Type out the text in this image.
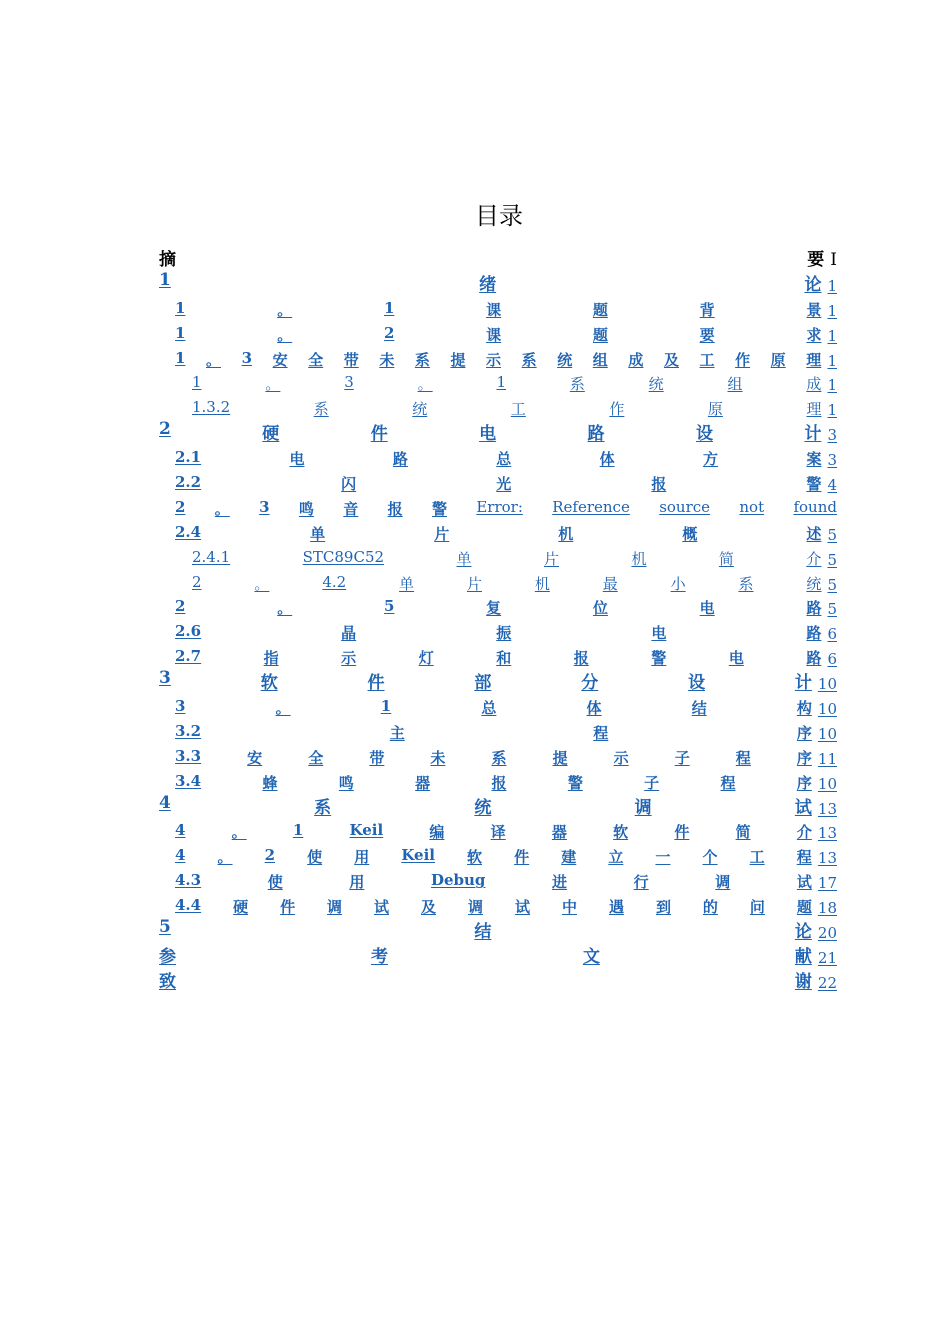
目录
摘	要 I
1	绪	论 1
1	。	1	课	题	背	景 1
1	。	2	课	题	要	求 1
1 。 3 安 全 带 未 系 提 示 系 统 组 成 及 工 作 原 理 1
1	。	3	。	1	系	统	组	成 1
1.3.2	系	统	工	作	原	理 1
2	硬	件	电	路	设	计 3
2.1	电	路	总	体	方	案 3
2.2	闪	光	报	警 4
2 。 3 鸣 音 报 警 Error: Reference source not found
2.4	单	片	机	概	述 5
2.4.1	STC89C52	单	片	机	简	介 5
2	。	4.2	单	片	机	最	小	系	统 5
2	。	5	复	位	电	路 5
2.6	晶	振	电	路 6
2.7	指	示	灯	和	报	警	电	路 6
3	软	件	部	分	设	计 10
3	。	1	总	体	结	构 10
3.2	主	程	序 10
3.3	安	全	带	未	系	提	示	子	程	序 11
3.4	蜂	鸣	器	报	警	子	程	序 10
4	系	统	调	试 13
4	。	1	Keil	编	译	器	软	件	简	介 13
4 。 2 使 用 Keil 软 件 建 立 一 个 工 程 13
4.3	使	用	Debug	进	行	调	试 17
4.4 硬 件 调 试 及 调 试 中 遇 到 的 问 题 18
5	结	论 20
参	考	文	献 21
致	谢 22
